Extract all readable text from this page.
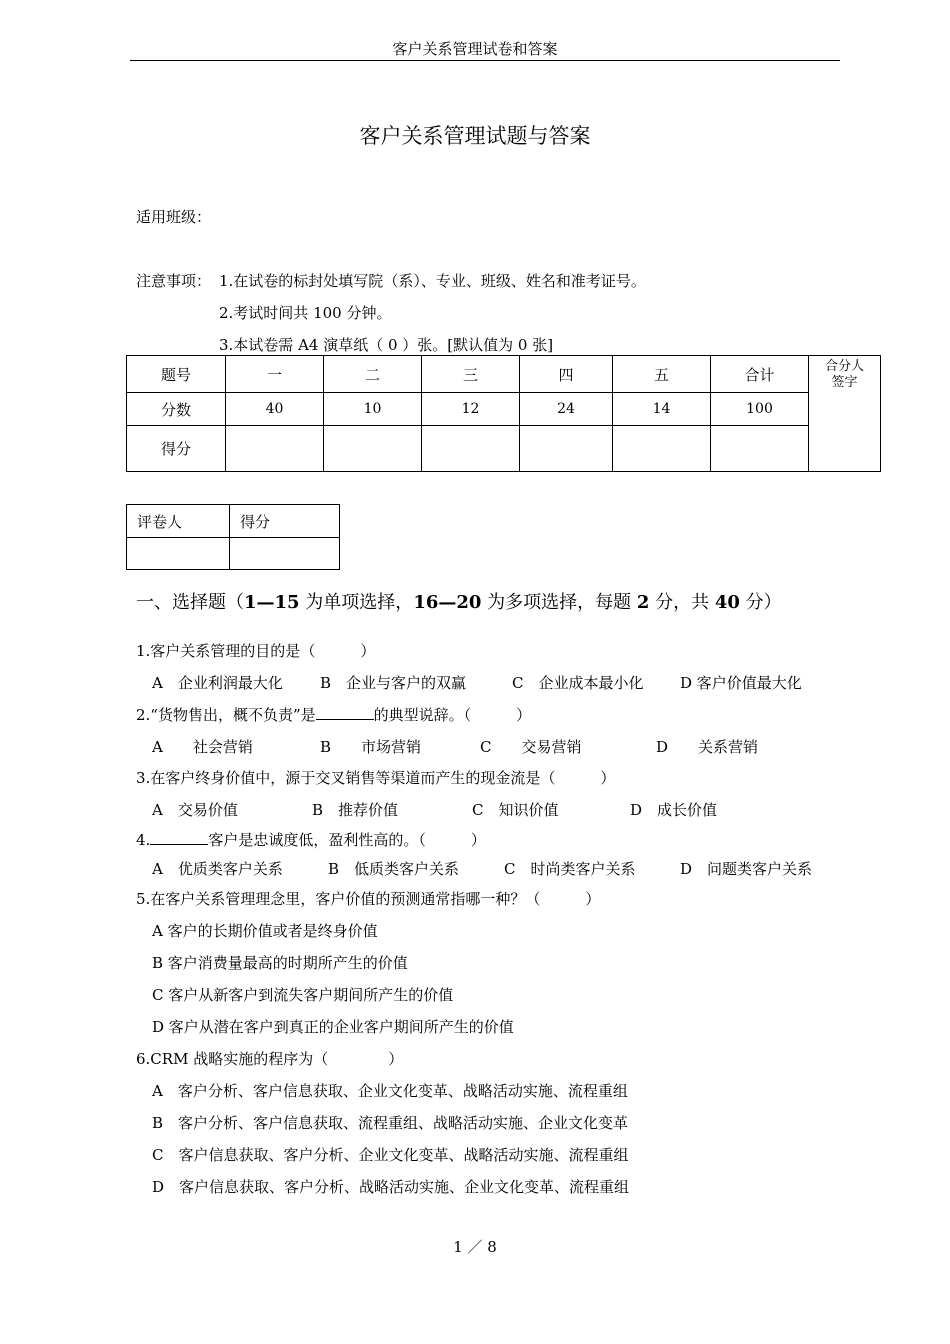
客户关系管理试卷和答案
客户关系管理试题与答案
适用班级：
注意事项： 1.在试卷的标封处填写院（系）、专业、班级、姓名和准考证号。
2.考试时间共 100 分钟。
3.本试卷需 A4 演草纸（ 0 ）张。[默认值为 0 张]
题号	一	二	三	四	五	合计	合分人
签字

分数	40	10	12	24	14	100	
得分							
评卷人	得分

一、选择题（1—15 为单项选择，16—20 为多项选择，每题 2 分，共 40 分）
1.客户关系管理的目的是（　　　）
A　企业利润最大化 B　企业与客户的双赢	C　企业成本最小化 D 客户价值最大化
2.“货物售出，概不负责”是	的典型说辞。（　　　）
A　　社会营销	B　　市场营销	C　　交易营销	D　　关系营销
3.在客户终身价值中，源于交叉销售等渠道而产生的现金流是（　　　）
A　交易价值	B　推荐价值	C　知识价值	D　成长价值
4.	客户是忠诚度低，盈利性高的。（　　　）
A　优质类客户关系	B　低质类客户关系	C　时尚类客户关系	D　问题类客户关系
5.在客户关系管理理念里，客户价值的预测通常指哪一种？（　　　）
A 客户的长期价值或者是终身价值
B 客户消费量最高的时期所产生的价值
C 客户从新客户到流失客户期间所产生的价值
D 客户从潜在客户到真正的企业客户期间所产生的价值
6.CRM 战略实施的程序为（　　　　）
A　客户分析、客户信息获取、企业文化变革、战略活动实施、流程重组
B　客户分析、客户信息获取、流程重组、战略活动实施、企业文化变革
C　客户信息获取、客户分析、企业文化变革、战略活动实施、流程重组
D　客户信息获取、客户分析、战略活动实施、企业文化变革、流程重组
1 ／ 8
